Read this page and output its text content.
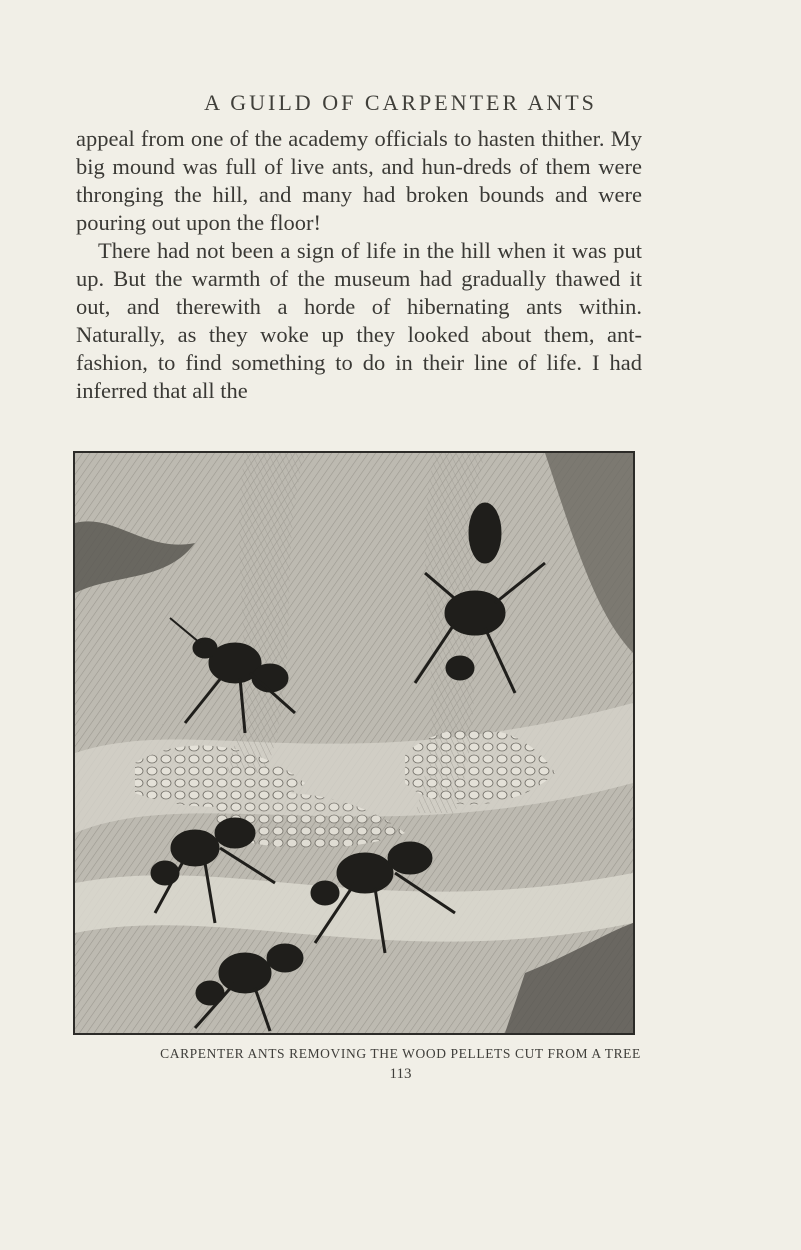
A GUILD OF CARPENTER ANTS

appeal from one of the academy officials to hasten thither. My big mound was full of live ants, and hun-dreds of them were thronging the hill, and many had broken bounds and were pouring out upon the floor!

There had not been a sign of life in the hill when it was put up. But the warmth of the museum had gradually thawed it out, and therewith a horde of hibernating ants within. Naturally, as they woke up they looked about them, ant-fashion, to find something to do in their line of life. I had inferred that all the

CARPENTER ANTS REMOVING THE WOOD PELLETS CUT FROM A TREE
113
